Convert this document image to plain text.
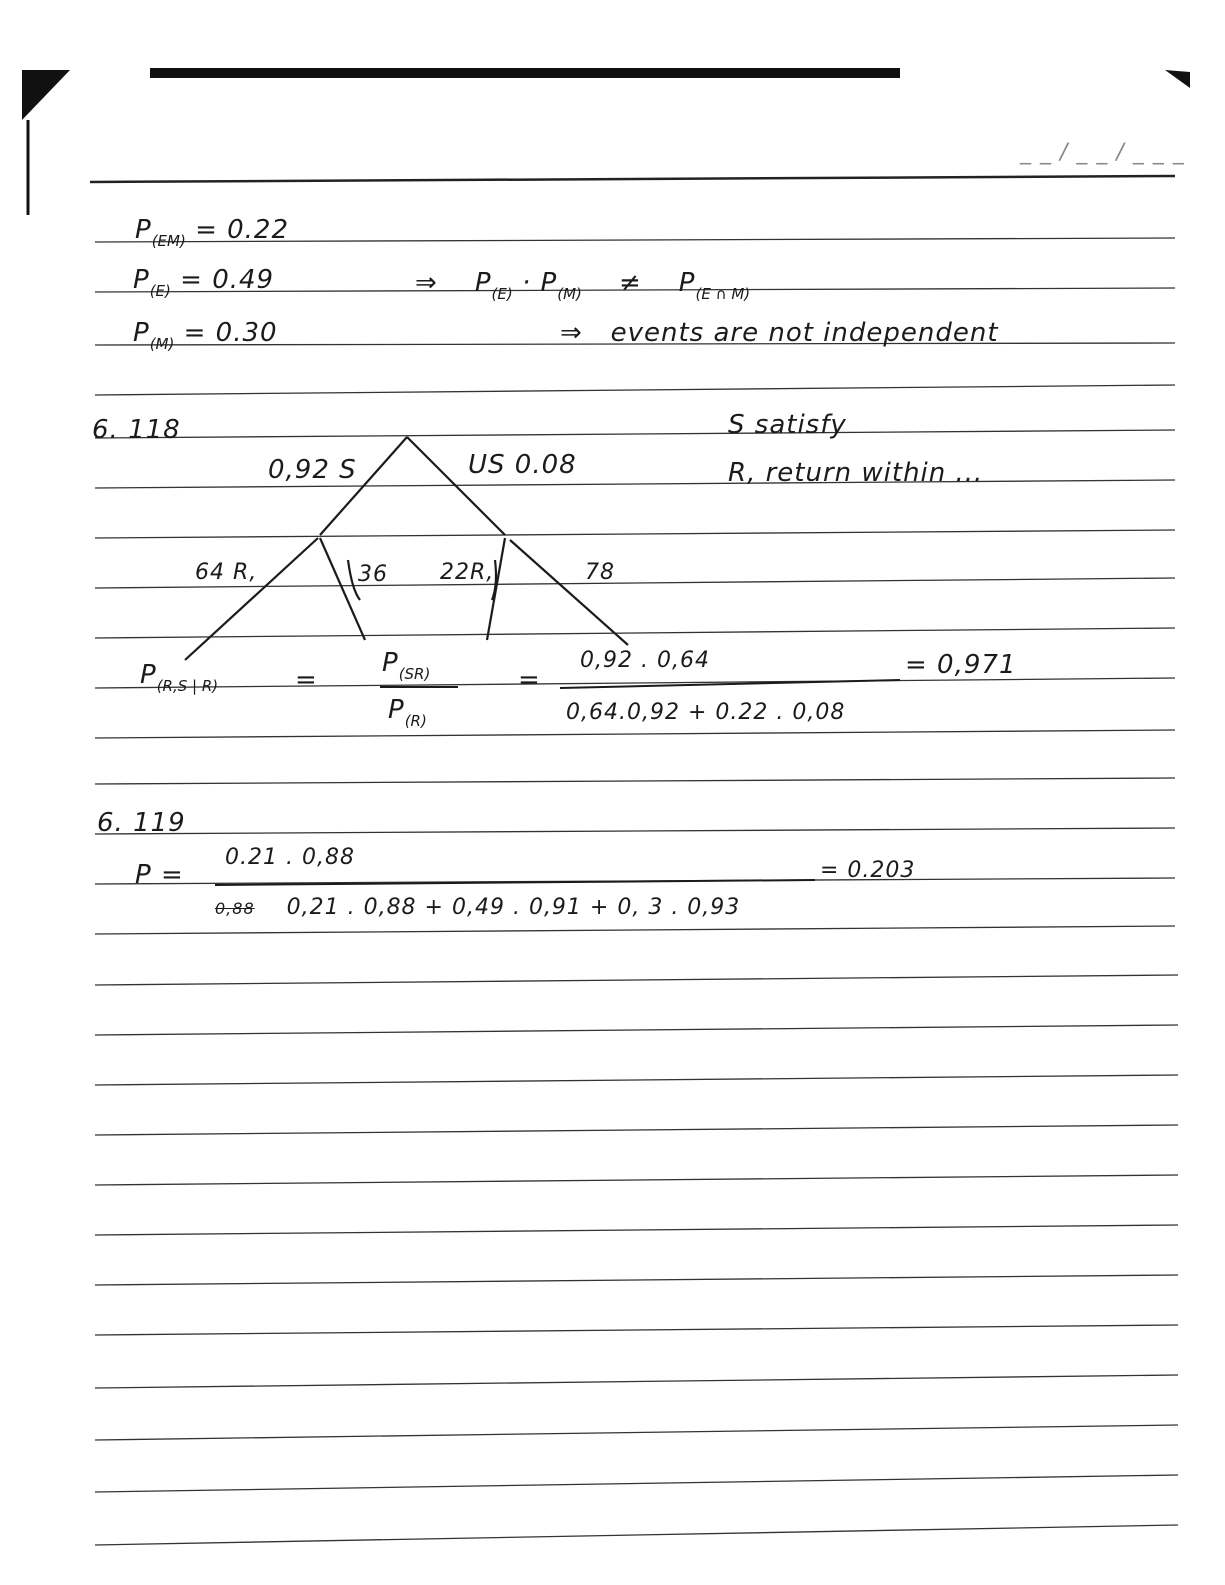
_ _ / _ _ / _ _ _
$P_{(EM)} = 0.22$
$P_{(E)} = 0.49$
$P_{(M)} = 0.30$
⇒ $P_{(E)} \cdot P_{(M)} \ne P_{(E \cap M)}$
⇒ events are not independent
6. 118	S satisfy
R, return within ...
0,92 S	US 0.08
64 R,	36 22R,	78
$P_{(R,S | R)}$	=
$P_{(SR)}$
$P_{(R)}$
=
0,92 . 0,64
0,64.0,92 + 0.22 . 0,08
= 0,971
6. 119
P =
0.21 . 0,88
0,88 0,21 . 0,88 + 0,49 . 0,91 + 0, 3 . 0,93
= 0.203
